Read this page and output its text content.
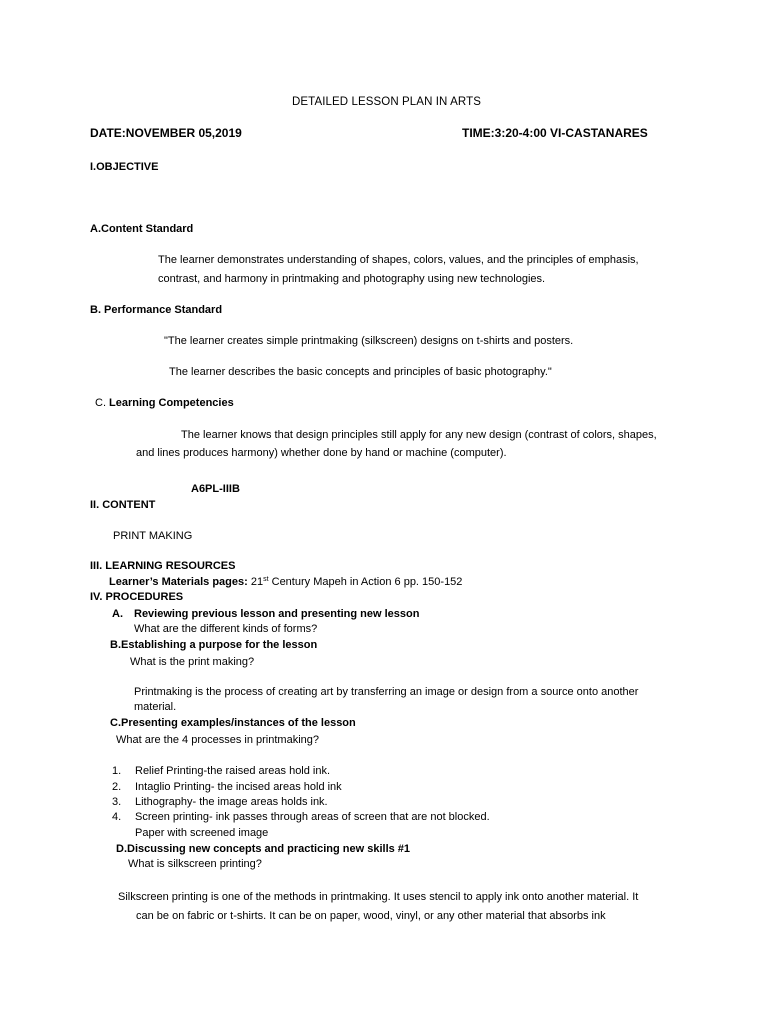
DETAILED LESSON PLAN IN ARTS
DATE:NOVEMBER 05,2019	TIME:3:20-4:00 VI-CASTANARES
I.OBJECTIVE
A.Content Standard
The learner demonstrates understanding of shapes, colors, values, and the principles of emphasis,
contrast, and harmony in printmaking and photography using new technologies.
B. Performance Standard
"The learner creates simple printmaking (silkscreen) designs on t-shirts and posters.
The learner describes the basic concepts and principles of basic photography."
C. Learning Competencies
The learner knows that design principles still apply for any new design (contrast of colors, shapes,
and lines produces harmony) whether done by hand or machine (computer).
A6PL-IIIB
II. CONTENT
PRINT MAKING
III. LEARNING RESOURCES
Learner’s Materials pages: 21st Century Mapeh in Action 6 pp. 150-152
IV. PROCEDURES
A. Reviewing previous lesson and presenting new lesson
What are the different kinds of forms?
B.Establishing a purpose for the lesson
What is the print making?
Printmaking is the process of creating art by transferring an image or design from a source onto another
material.
C.Presenting examples/instances of the lesson
What are the 4 processes in printmaking?
1. Relief Printing-the raised areas hold ink.
2. Intaglio Printing- the incised areas hold ink
3. Lithography- the image areas holds ink.
4. Screen printing- ink passes through areas of screen that are not blocked.
Paper with screened image
D.Discussing new concepts and practicing new skills #1
What is silkscreen printing?
Silkscreen printing is one of the methods in printmaking. It uses stencil to apply ink onto another material. It
can be on fabric or t-shirts. It can be on paper, wood, vinyl, or any other material that absorbs ink
